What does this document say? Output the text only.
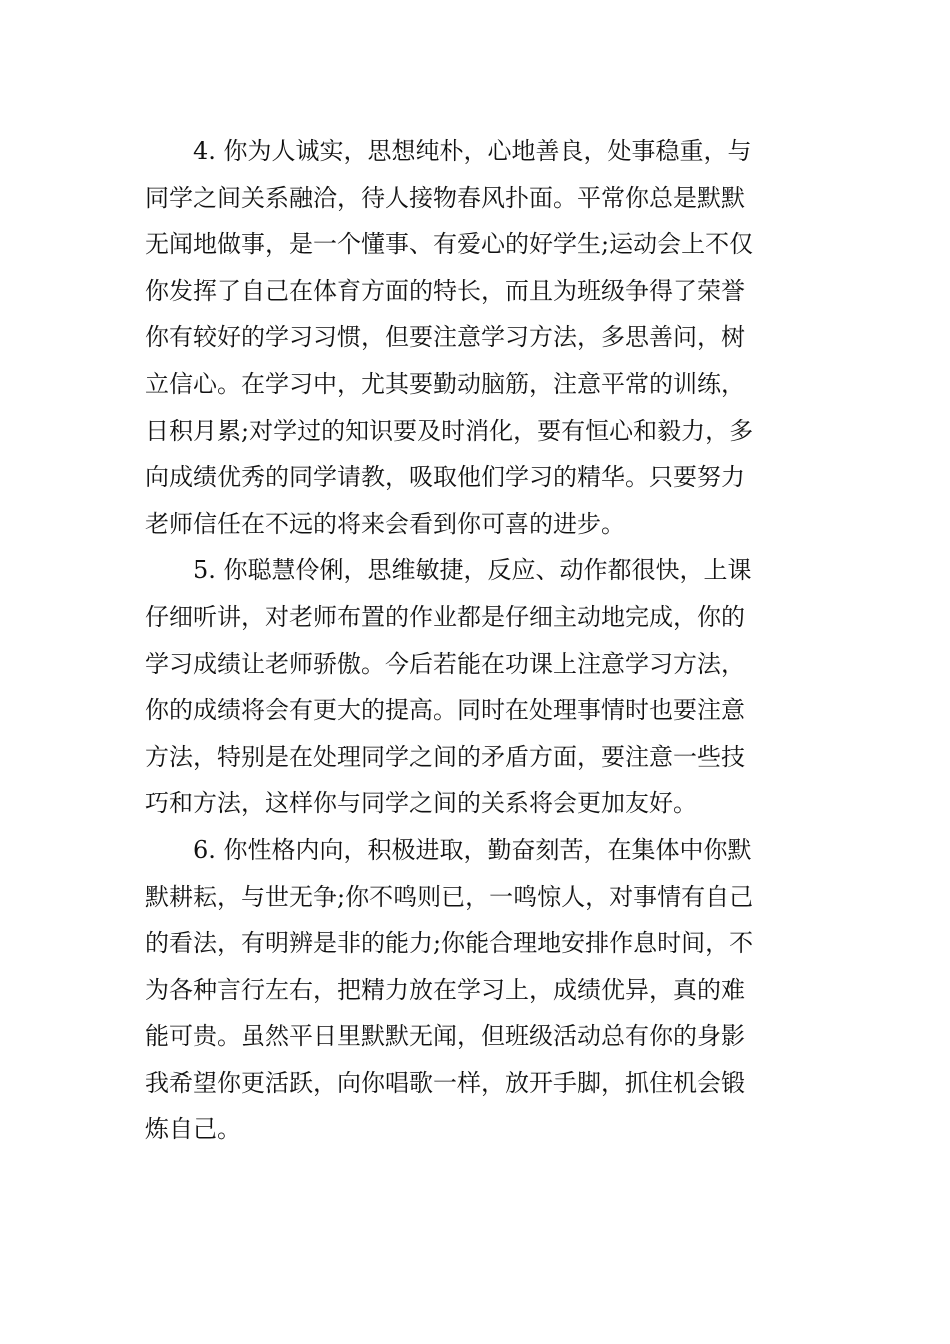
　　4. 你为人诚实，思想纯朴，心地善良，处事稳重，与
同学之间关系融洽，待人接物春风扑面。平常你总是默默
无闻地做事，是一个懂事、有爱心的好学生;运动会上不仅
你发挥了自己在体育方面的特长，而且为班级争得了荣誉
你有较好的学习习惯，但要注意学习方法，多思善问，树
立信心。在学习中，尤其要勤动脑筋，注意平常的训练，
日积月累;对学过的知识要及时消化，要有恒心和毅力，多
向成绩优秀的同学请教，吸取他们学习的精华。只要努力
老师信任在不远的将来会看到你可喜的进步。
　　5. 你聪慧伶俐，思维敏捷，反应、动作都很快，上课
仔细听讲，对老师布置的作业都是仔细主动地完成，你的
学习成绩让老师骄傲。今后若能在功课上注意学习方法，
你的成绩将会有更大的提高。同时在处理事情时也要注意
方法，特别是在处理同学之间的矛盾方面，要注意一些技
巧和方法，这样你与同学之间的关系将会更加友好。
　　6. 你性格内向，积极进取，勤奋刻苦，在集体中你默
默耕耘，与世无争;你不鸣则已，一鸣惊人，对事情有自己
的看法，有明辨是非的能力;你能合理地安排作息时间，不
为各种言行左右，把精力放在学习上，成绩优异，真的难
能可贵。虽然平日里默默无闻，但班级活动总有你的身影
我希望你更活跃，向你唱歌一样，放开手脚，抓住机会锻
炼自己。
